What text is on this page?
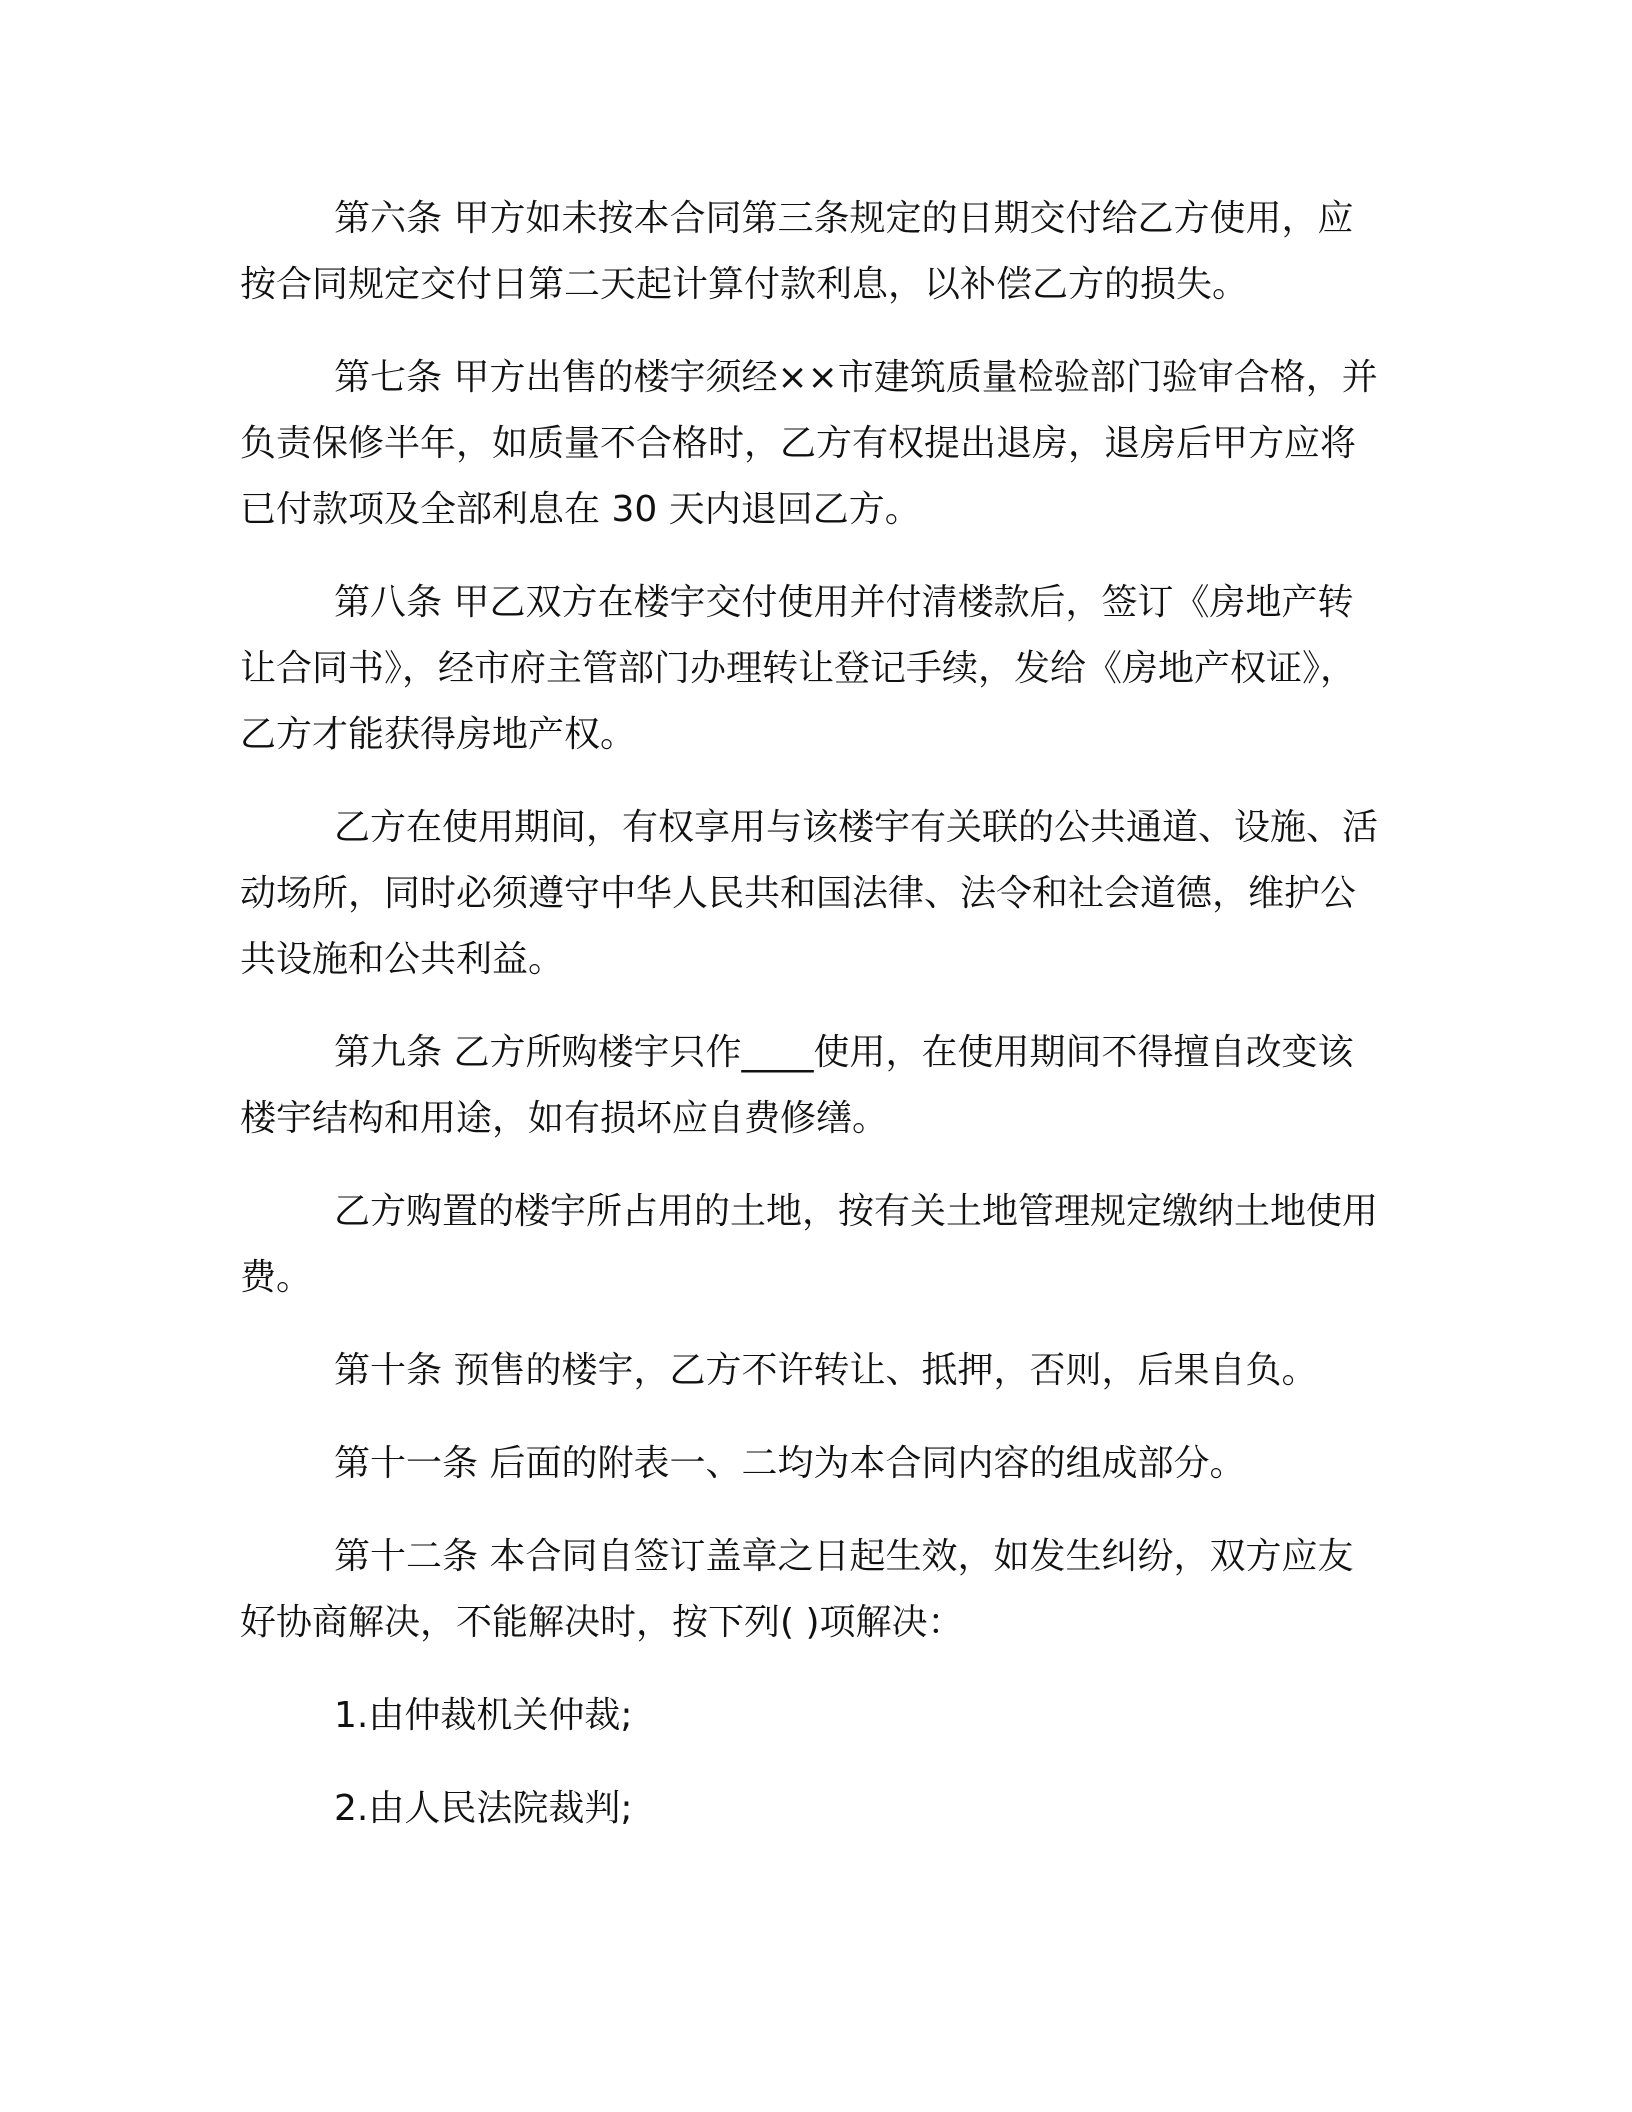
第六条 甲方如未按本合同第三条规定的日期交付给乙方使用，应按合同规定交付日第二天起计算付款利息，以补偿乙方的损失。

第七条 甲方出售的楼宇须经××市建筑质量检验部门验审合格，并负责保修半年，如质量不合格时，乙方有权提出退房，退房后甲方应将已付款项及全部利息在 30 天内退回乙方。

第八条 甲乙双方在楼宇交付使用并付清楼款后，签订《房地产转让合同书》，经市府主管部门办理转让登记手续，发给《房地产权证》，乙方才能获得房地产权。

乙方在使用期间，有权享用与该楼宇有关联的公共通道、设施、活动场所，同时必须遵守中华人民共和国法律、法令和社会道德，维护公共设施和公共利益。

第九条 乙方所购楼宇只作____使用，在使用期间不得擅自改变该楼宇结构和用途，如有损坏应自费修缮。

乙方购置的楼宇所占用的土地，按有关土地管理规定缴纳土地使用费。

第十条 预售的楼宇，乙方不许转让、抵押，否则，后果自负。

第十一条 后面的附表一、二均为本合同内容的组成部分。

第十二条 本合同自签订盖章之日起生效，如发生纠纷，双方应友好协商解决，不能解决时，按下列( )项解决：

1.由仲裁机关仲裁;

2.由人民法院裁判;
